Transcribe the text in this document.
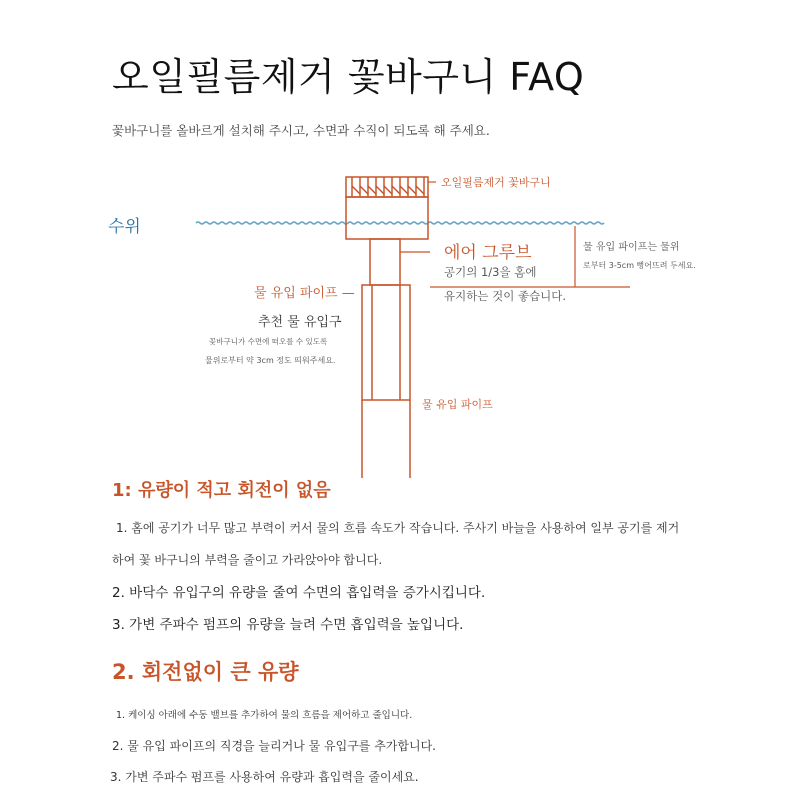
오일필름제거 꽃바구니 FAQ
꽃바구니를 올바르게 설치해 주시고, 수면과 수직이 되도록 해 주세요.
오일필름제거 꽃바구니
수위
에어 그루브
공기의 1/3을 홈에
유지하는 것이 좋습니다.
물 유입 파이프는 물위
로부터 3-5cm 뻥어뜨려 두세요.
물 유입 파이프 —
추천 물 유입구
꽃바구니가 수면에 떠오를 수 있도록
물위로부터 약 3cm 정도 띄워주세요.
물 유입 파이프
1: 유량이 적고 회전이 없음
1. 홈에 공기가 너무 많고 부력이 커서 물의 흐름 속도가 작습니다. 주사기 바늘을 사용하여 일부 공기를 제거
하여 꽃 바구니의 부력을 줄이고 가라앉아야 합니다.
2. 바닥수 유입구의 유량을 줄여 수면의 흡입력을 증가시킵니다.
3. 가변 주파수 펌프의 유량을 늘려 수면 흡입력을 높입니다.
2. 회전없이 큰 유량
1. 케이싱 아래에 수동 밸브를 추가하여 물의 흐름을 제어하고 줄입니다.
2. 물 유입 파이프의 직경을 늘리거나 물 유입구를 추가합니다.
3. 가변 주파수 펌프를 사용하여 유량과 흡입력을 줄이세요.
